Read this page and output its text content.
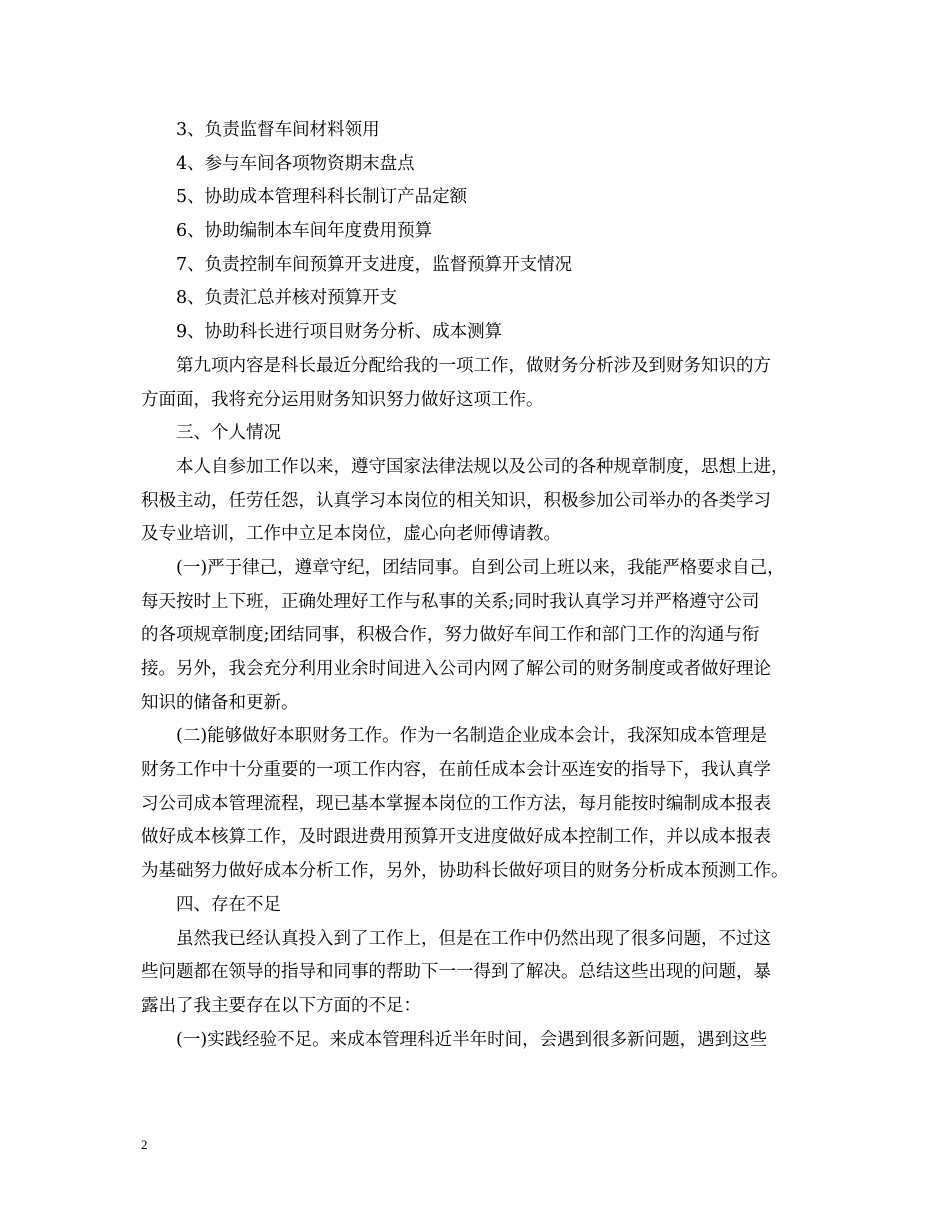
3、负责监督车间材料领用

4、参与车间各项物资期末盘点

5、协助成本管理科科长制订产品定额

6、协助编制本车间年度费用预算

7、负责控制车间预算开支进度，监督预算开支情况

8、负责汇总并核对预算开支

9、协助科长进行项目财务分析、成本测算

第九项内容是科长最近分配给我的一项工作，做财务分析涉及到财务知识的方

方面面，我将充分运用财务知识努力做好这项工作。

三、个人情况

本人自参加工作以来，遵守国家法律法规以及公司的各种规章制度，思想上进，

积极主动，任劳任怨，认真学习本岗位的相关知识，积极参加公司举办的各类学习

及专业培训，工作中立足本岗位，虚心向老师傅请教。

(一)严于律己，遵章守纪，团结同事。自到公司上班以来，我能严格要求自己，

每天按时上下班，正确处理好工作与私事的关系;同时我认真学习并严格遵守公司

的各项规章制度;团结同事，积极合作，努力做好车间工作和部门工作的沟通与衔

接。另外，我会充分利用业余时间进入公司内网了解公司的财务制度或者做好理论

知识的储备和更新。

(二)能够做好本职财务工作。作为一名制造企业成本会计，我深知成本管理是

财务工作中十分重要的一项工作内容，在前任成本会计巫连安的指导下，我认真学

习公司成本管理流程，现已基本掌握本岗位的工作方法，每月能按时编制成本报表

做好成本核算工作，及时跟进费用预算开支进度做好成本控制工作，并以成本报表

为基础努力做好成本分析工作，另外，协助科长做好项目的财务分析成本预测工作。

四、存在不足

虽然我已经认真投入到了工作上，但是在工作中仍然出现了很多问题，不过这

些问题都在领导的指导和同事的帮助下一一得到了解决。总结这些出现的问题，暴

露出了我主要存在以下方面的不足：

(一)实践经验不足。来成本管理科近半年时间，会遇到很多新问题，遇到这些

2
